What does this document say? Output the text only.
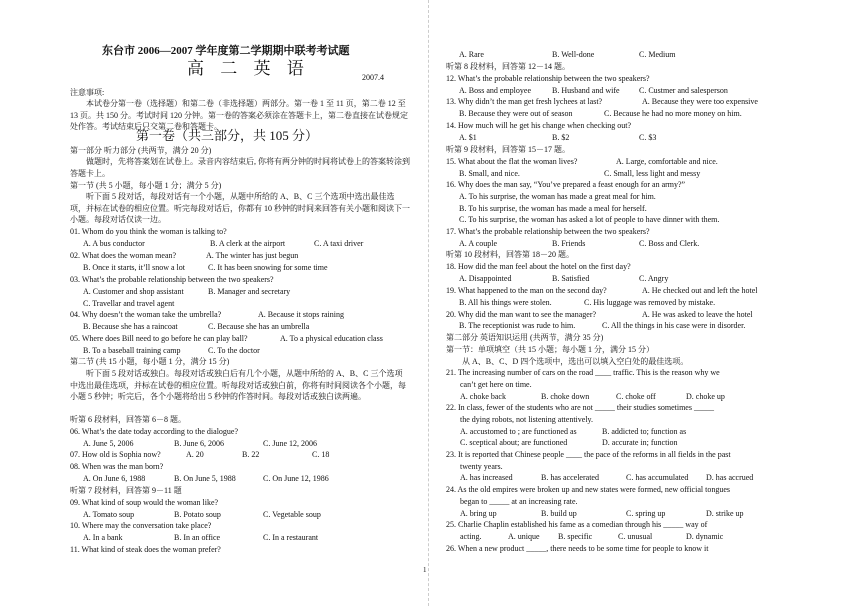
东台市 2006—2007 学年度第二学期期中联考考试题
高 二 英 语	2007.4
注意事项:
本试卷分第一卷（选择题）和第二卷（非选择题）两部分。第一卷 1 至 11 页，第二卷 12 至 13 页。共 150 分。考试时间 120 分钟。第一卷的答案必须涂在答题卡上，第二卷直接在试卷规定处作答。考试结束后只交第二卷和答题卡。
第一卷（共三部分，共 105 分）
第一部分 听力部分 (共两节，满分 20 分)
做题时，先将答案划在试卷上。录音内容结束后, 你将有两分钟的时间将试卷上的答案转涂到答题卡上。
第一节 (共 5 小题，每小题 1 分；满分 5 分)
听下面 5 段对话，每段对话有一个小题，从题中所给的 A、B、C 三个选项中选出最佳选项，并标在试卷的相应位置。听完每段对话后，你都有 10 秒钟的时间来回答有关小题和阅读下一小题。每段对话仅读一边。
01. Whom do you think the woman is talking to?
A. A bus conductor	B. A clerk at the airport	C. A taxi driver
02. What does the woman mean?	A. The winter has just begun
B. Once it starts, it’ll snow a lot	C. It has been snowing for some time
03. What’s the probable relationship between the two speakers?
A. Customer and shop assistant	B. Manager and secretary
C. Travellar and travel agent
04. Why doesn’t the woman take the umbrella?	A. Because it stops raining
B. Because she has a raincoat	C. Because she has an umbrella
05. Where does Bill need to go before he can play ball?	A. To a physical education class
B. To a baseball training camp	C. To the doctor
第二节 (共 15 小题，每小题 1 分，满分 15 分)
听下面 5 段对话或独白。每段对话或独白后有几个小题，从题中所给的 A、B、C 三个选项中选出最佳选项，并标在试卷的相应位置。听每段对话或独白前，你将有时间阅读各个小题，每小题 5 秒钟；听完后，各个小题将给出 5 秒钟的作答时间。每段对话或独白读两遍。
听第 6 段材料，回答第 6－8 题。
06. What’s the date today according to the dialogue?
A. June 5, 2006	B. June 6, 2006	C. June 12, 2006
07. How old is Sophia now?	A. 20	B. 22	C. 18
08. When was the man born?
A. On June 6, 1988	B. On June 5, 1988	C. On June 12, 1986
听第 7 段材料，回答第 9－11 题
09. What kind of soup would the woman like?
A. Tomato soup	B. Potato soup	C. Vegetable soup
10. Where may the conversation take place?
A. In a bank	B. In an office	C. In a restaurant
11. What kind of steak does the woman prefer?
A. Rare	B. Well-done	C. Medium
听第 8 段材料，回答第 12－14 题。
12. What’s the probable relationship between the two speakers?
A. Boss and employee	B. Husband and wife C. Custmer and salesperson
13. Why didn’t the man get fresh lychees at last?	A. Because they were too expensive
B. Because they were out of season	C. Because he had no more money on him.
14. How much will he get his change when checking out?
A. $1	B. $2	C. $3
听第 9 段材料，回答第 15－17 题。
15. What about the flat the woman lives?	A. Large, comfortable and nice.
B. Small, and nice.	C. Small, less light and messy
16. Why does the man say, “You’ve prepared a feast enough for an army?”
A. To his surprise, the woman has made a great meal for him.
B. To his surprise, the woman has made a meal for herself.
C. To his surprise, the woman has asked a lot of people to have dinner with them.
17. What’s the probable relationship between the two speakers?
A. A couple	B. Friends	C. Boss and Clerk.
听第 10 段材料，回答第 18－20 题。
18. How did the man feel about the hotel on the first day?
A. Disappointed	B. Satisfied	C. Angry
19. What happened to the man on the second day?	A. He checked out and left the hotel
B. All his things were stolen.	C. His luggage was removed by mistake.
20. Why did the man want to see the manager?	A. He was asked to leave the hotel
B. The receptionist was rude to him.	C. All the things in his case were in disorder.
第二部分 英语知识运用 (共两节，满分 35 分)
第一节：单项填空（共 15 小题；每小题 1 分，满分 15 分）
从 A、B、C、D 四个选项中，选出可以填入空白处的最佳选项。
21. The increasing number of cars on the road ____ traffic. This is the reason why we
can’t get here on time.
A. choke back	B. choke down	C. choke off	D. choke up
22. In class, fewer of the students who are not _____ their studies sometimes _____
the dying robots, not listening attentively.
A. accustomed to ; are functioned as	B. addicted to; function as
C. sceptical about; are functioned	D. accurate in; function
23. It is reported that Chinese people ____ the pace of the reforms in all fields in the past
twenty years.
A. has increased	B. has accelerated	C. has accumulated D. has accrued
24. As the old empires were broken up and new states were formed, new official tongues
began to _____ at an increasing rate.
A. bring up	B. build up	C. spring up	D. strike up
25. Charlie Chaplin established his fame as a comedian through his _____ way of
acting.	A. unique B. specific	C. unusual	D. dynamic
26. When a new product _____, there needs to be some time for people to know it
1
